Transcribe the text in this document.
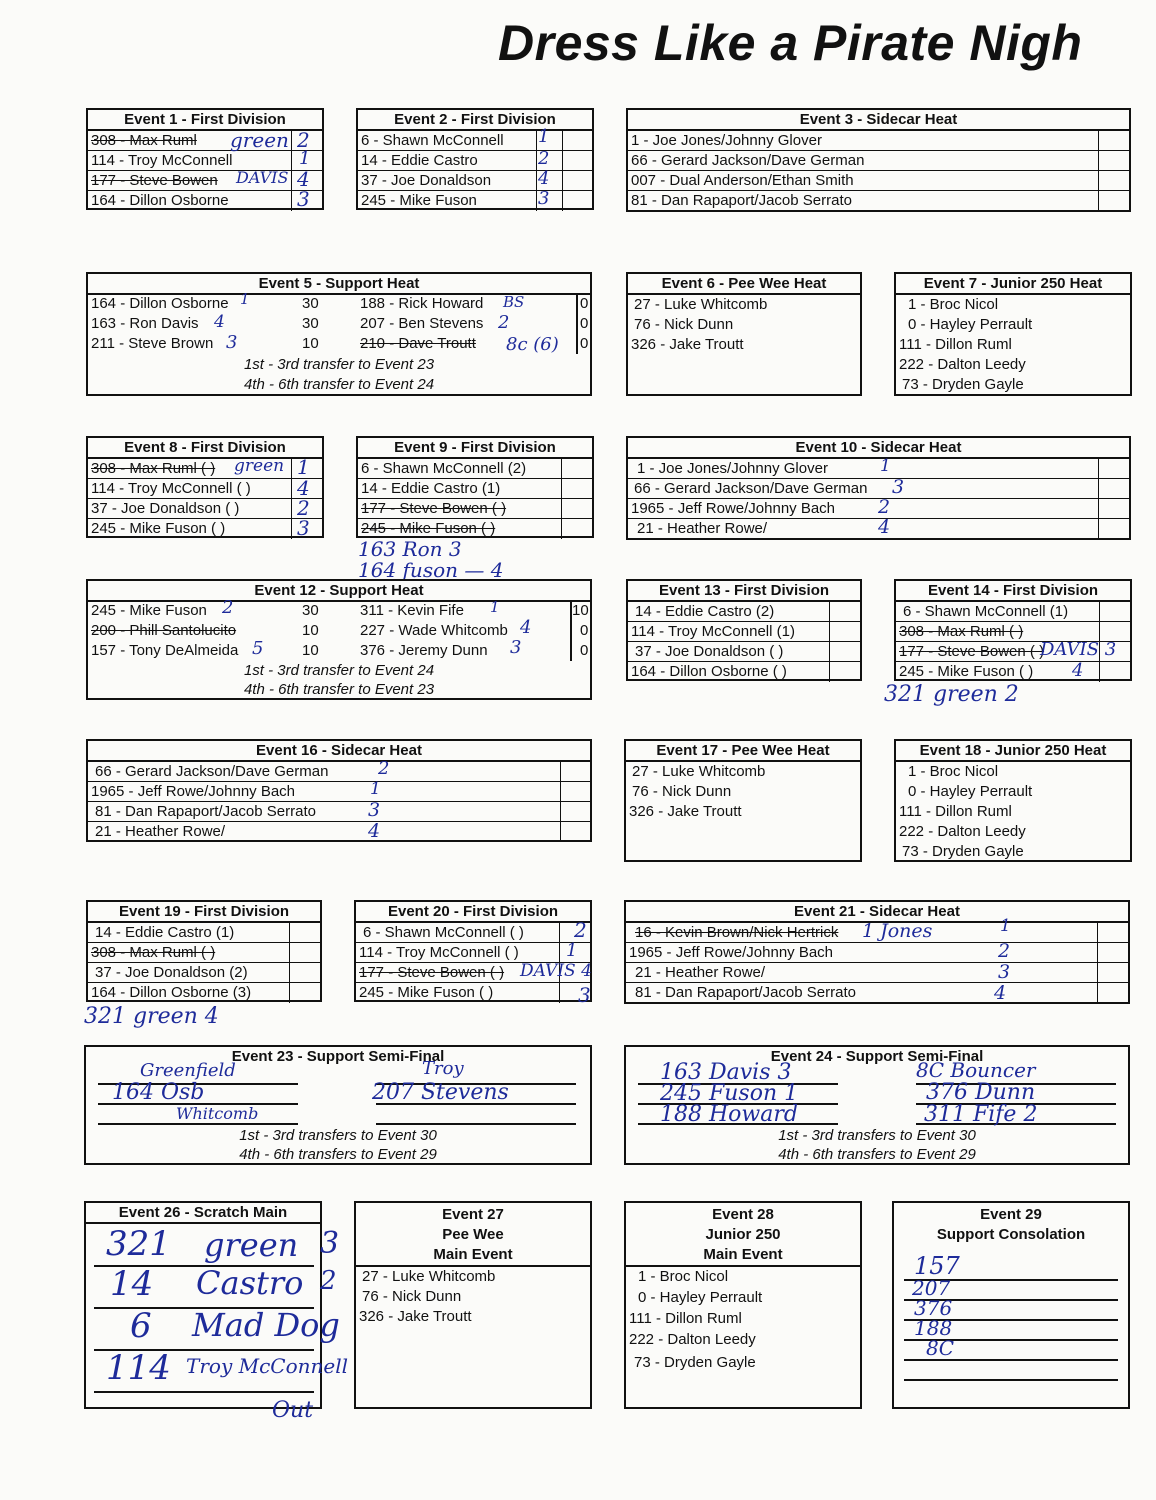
Dress Like a Pirate Nigh
Event 1 - First Division
308 - Max Ruml
114 - Troy McConnell
177 - Steve Bowen
164 - Dillon Osborne
green
DAVIS
2
1
4
3
Event 2 - First Division
6 - Shawn McConnell
14 - Eddie Castro
37 - Joe Donaldson
245 - Mike Fuson
1
2
4
3
Event 3 - Sidecar Heat
1 - Joe Jones/Johnny Glover
66 - Gerard Jackson/Dave German
007 - Dual Anderson/Ethan Smith
81 - Dan Rapaport/Jacob Serrato
Event 5 - Support Heat
164 - Dillon Osborne
163 - Ron Davis
211 - Steve Brown
30
30
10
188 - Rick Howard
207 - Ben Stevens
210 - Dave Troutt
0
0
0
1st - 3rd transfer to Event 23
4th - 6th transfer to Event 24
1
4
3
BS
2
8c (6)
Event 6 - Pee Wee Heat
27 - Luke Whitcomb
76 - Nick Dunn
326 - Jake Troutt
Event 7 - Junior 250 Heat
1 - Broc Nicol
0 - Hayley Perrault
111 - Dillon Ruml
222 - Dalton Leedy
73 - Dryden Gayle
Event 8 - First Division
308 - Max Ruml ( )
114 - Troy McConnell ( )
37 - Joe Donaldson ( )
245 - Mike Fuson ( )
green 1
4
2
3
Event 9 - First Division
6 - Shawn McConnell (2)
14 - Eddie Castro (1)
177 - Steve Bowen ( )
245 - Mike Fuson ( )
163 Ron 3
164 fuson — 4
Event 10 - Sidecar Heat
1 - Joe Jones/Johnny Glover
66 - Gerard Jackson/Dave German
1965 - Jeff Rowe/Johnny Bach
21 - Heather Rowe/
1
3
2
4
Event 12 - Support Heat
245 - Mike Fuson
200 - Phill Santolucito
157 - Tony DeAlmeida
30
10
10
311 - Kevin Fife
227 - Wade Whitcomb
376 - Jeremy Dunn
10
0
0
1st - 3rd transfer to Event 24
4th - 6th transfer to Event 23
2
5
1
4
3
Event 13 - First Division
14 - Eddie Castro (2)
114 - Troy McConnell (1)
37 - Joe Donaldson ( )
164 - Dillon Osborne ( )
Event 14 - First Division
6 - Shawn McConnell (1)
308 - Max Ruml ( )
177 - Steve Bowen ( )
245 - Mike Fuson ( )
DAVIS 3
4
321 green 2
Event 16 - Sidecar Heat
66 - Gerard Jackson/Dave German
1965 - Jeff Rowe/Johnny Bach
81 - Dan Rapaport/Jacob Serrato
21 - Heather Rowe/
2
1
3
4
Event 17 - Pee Wee Heat
27 - Luke Whitcomb
76 - Nick Dunn
326 - Jake Troutt
Event 18 - Junior 250 Heat
1 - Broc Nicol
0 - Hayley Perrault
111 - Dillon Ruml
222 - Dalton Leedy
73 - Dryden Gayle
Event 19 - First Division
14 - Eddie Castro (1)
308 - Max Ruml ( )
37 - Joe Donaldson (2)
164 - Dillon Osborne (3)
321 green 4
Event 20 - First Division
6 - Shawn McConnell ( )
114 - Troy McConnell ( )
177 - Steve Bowen ( )
245 - Mike Fuson ( )
2
1
DAVIS 4
3
Event 21 - Sidecar Heat
16 - Kevin Brown/Nick Hertrick
1965 - Jeff Rowe/Johnny Bach
21 - Heather Rowe/
81 - Dan Rapaport/Jacob Serrato
1 Jones	1
2
3
4
Event 23 - Support Semi-Final
1st - 3rd transfers to Event 30
4th - 6th transfers to Event 29
Greenfield
164 Osb
Whitcomb
Troy
207 Stevens
Event 24 - Support Semi-Final
1st - 3rd transfers to Event 30
4th - 6th transfers to Event 29
163 Davis 3
245 Fuson 1
188 Howard
8C Bouncer
376 Dunn
311 Fife 2
Event 26 - Scratch Main
321 green 3
14 Castro 2
6 Mad Dog
114 Troy McConnell
Out
Event 27
Pee Wee
Main Event
27 - Luke Whitcomb
76 - Nick Dunn
326 - Jake Troutt
Event 28
Junior 250
Main Event
1 - Broc Nicol
0 - Hayley Perrault
111 - Dillon Ruml
222 - Dalton Leedy
73 - Dryden Gayle
Event 29
Support Consolation
157
207
376
188
8C
